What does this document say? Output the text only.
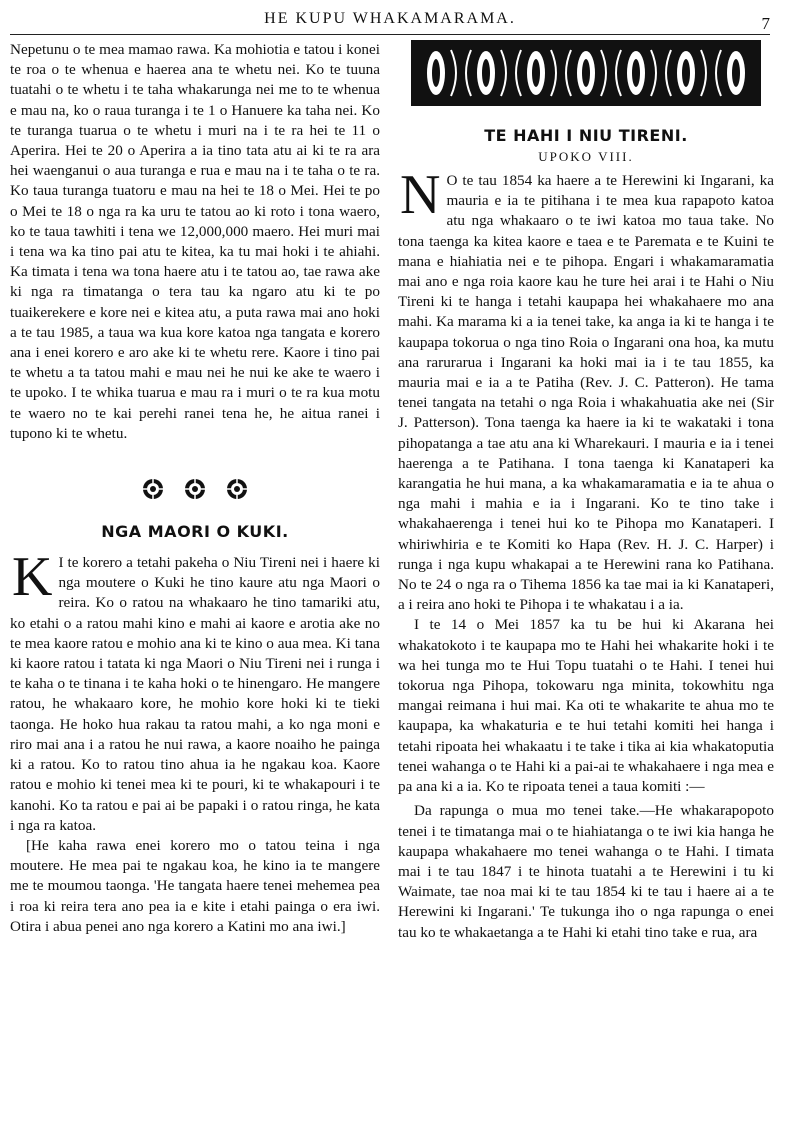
HE KUPU WHAKAMARAMA.	7

Nepetunu o te mea mamao rawa. Ka mohiotia e tatou i konei te roa o te whenua e haerea ana te whetu nei. Ko te tuuna tuatahi o te whetu i te taha whakarunga nei me to te whenua e mau na, ko o raua turanga i te 1 o Hanuere ka taha nei. Ko te turanga tuarua o te whetu i muri na i te ra hei te 11 o Aperira. Hei te 20 o Aperira a ia tino tata atu ai ki te ra ara hei waenganui o aua turanga e rua e mau na i te taha o te ra. Ko taua turanga tuatoru e mau na hei te 18 o Mei. Hei te po o Mei te 18 o nga ra ka uru te tatou ao ki roto i tona waero, ko te taua tawhiti i tena we 12,000,000 maero. Hei muri mai i tena wa ka tino pai atu te kitea, ka tu mai hoki i te ahiahi. Ka timata i tena wa tona haere atu i te tatou ao, tae rawa ake ki nga ra timatanga o tera tau ka ngaro atu ki te po tuaikerekere e kore nei e kitea atu, a puta rawa mai ano hoki a te tau 1985, a taua wa kua kore katoa nga tangata e korero ana i enei korero e aro ake ki te whetu rere. Kaore i tino pai te whetu a ta tatou mahi e mau nei he nui ke ake te waero i te upoko. I te whika tuarua e mau ra i muri o te ra kua motu te waero no te kai perehi ranei tena he, he aitua ranei i tupono ki te whetu.

NGA MAORI O KUKI.

K I te korero a tetahi pakeha o Niu Tireni nei i haere ki nga moutere o Kuki he tino kaure atu nga Maori o reira. Ko o ratou na whakaaro he tino tamariki atu, ko etahi o a ratou mahi kino e mahi ai kaore e arotia ake no te mea kaore ratou e mohio ana ki te kino o aua mea. Ki tana ki kaore ratou i tatata ki nga Maori o Niu Tireni nei i runga i te kaha o te tinana i te kaha hoki o te hinengaro. He mangere ratou, he whakaaro kore, he mohio kore hoki ki te tieki taonga. He hoko hua rakau ta ratou mahi, a ko nga moni e riro mai ana i a ratou he nui rawa, a kaore noaiho he painga ki a ratou. Ko to ratou tino ahua ia he ngakau koa. Kaore ratou e mohio ki tenei mea ki te pouri, ki te whakapouri i te kanohi. Ko ta ratou e pai ai be papaki i o ratou ringa, he kata i nga ra katoa.

[He kaha rawa enei korero mo o tatou teina i nga moutere. He mea pai te ngakau koa, he kino ia te mangere me te moumou taonga. 'He tangata haere tenei mehemea pea i roa ki reira tera ano pea ia e kite i etahi painga o era iwi. Otira i abua penei ano nga korero a Katini mo ana iwi.]

TE HAHI I NIU TIRENI.
UPOKO VIII.

N O te tau 1854 ka haere a te Herewini ki Ingarani, ka mauria e ia te pitihana i te mea kua rapapoto katoa atu nga whakaaro o te iwi katoa mo taua take. No tona taenga ka kitea kaore e taea e te Paremata e te Kuini te mana e hiahiatia nei e te pihopa. Engari i whakamaramatia mai ano e nga roia kaore kau he ture hei arai i te Hahi o Niu Tireni ki te hanga i tetahi kaupapa hei whakahaere mo ana mahi. Ka marama ki a ia tenei take, ka anga ia ki te hanga i te kaupapa tokorua o nga tino Roia o Ingarani ona hoa, ka mutu ana rarurarua i Ingarani ka hoki mai ia i te tau 1855, ka mauria mai e ia a te Patiha (Rev. J. C. Patteron). He tama tenei tangata na tetahi o nga Roia i whakahuatia ake nei (Sir J. Patterson). Tona taenga ka haere ia ki te wakataki i tona pihopatanga a tae atu ana ki Wharekauri. I mauria e ia i tenei haerenga a te Patihana. I tona taenga ki Kanataperi ka karangatia he hui mana, a ka whakamaramatia e ia te ahua o nga mahi i mahia e ia i Ingarani. Ko te tino take i whakahaerenga i tenei hui ko te Pihopa mo Kanataperi. I whiriwhiria e te Komiti ko Hapa (Rev. H. J. C. Harper) i runga i nga kupu whakapai a te Herewini rana ko Patihana. No te 24 o nga ra o Tihema 1856 ka tae mai ia ki Kanataperi, a i reira ano hoki te Pihopa i te whakatau i a ia.

I te 14 o Mei 1857 ka tu be hui ki Akarana hei whakatokoto i te kaupapa mo te Hahi hei whakarite hoki i te wa hei tunga mo te Hui Topu tuatahi o te Hahi. I tenei hui tokorua nga Pihopa, tokowaru nga minita, tokowhitu nga mangai reimana i hui mai. Ka oti te whakarite te ahua mo te kaupapa, ka whakaturia e te hui tetahi komiti hei hanga i tetahi ripoata hei whakaatu i te take i tika ai kia whakatoputia tenei wahanga o te Hahi ki a pai-ai te whakahaere i nga mea e pa ana ki a ia. Ko te ripoata tenei a taua komiti :—

Da rapunga o mua mo tenei take.—He whakarapopoto tenei i te timatanga mai o te hiahiatanga o te iwi kia hanga he kaupapa whakahaere mo tenei wahanga o te Hahi. I timata mai i te tau 1847 i te hinota tuatahi a te Herewini i tu ki Waimate, tae noa mai ki te tau 1854 ki te tau i haere ai a te Herewini ki Ingarani.' Te tukunga iho o nga rapunga o enei tau ko te whakaetanga a te Hahi ki etahi tino take e rua, ara
